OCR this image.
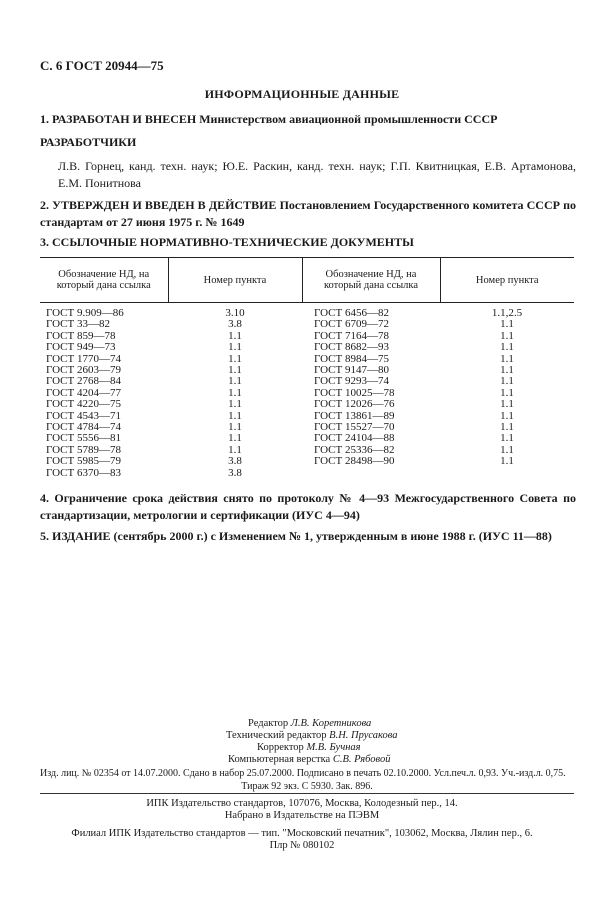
С. 6 ГОСТ 20944—75
ИНФОРМАЦИОННЫЕ ДАННЫЕ
1. РАЗРАБОТАН И ВНЕСЕН Министерством авиационной промышленности СССР
РАЗРАБОТЧИКИ
Л.В. Горнец, канд. техн. наук; Ю.Е. Раскин, канд. техн. наук; Г.П. Квитницкая, Е.В. Артамонова, Е.М. Понитнова
2. УТВЕРЖДЕН И ВВЕДЕН В ДЕЙСТВИЕ Постановлением Государственного комитета СССР по стандартам от 27 июня 1975 г. № 1649
3. ССЫЛОЧНЫЕ НОРМАТИВНО-ТЕХНИЧЕСКИЕ ДОКУМЕНТЫ
Обозначение НД, на который дана ссылка	Номер пункта	Обозначение НД, на который дана ссылка	Номер пункта
ГОСТ 9.909—86	3.10	ГОСТ 6456—82	1.1,2.5
ГОСТ 33—82	3.8	ГОСТ 6709—72	1.1
ГОСТ 859—78	1.1	ГОСТ 7164—78	1.1
ГОСТ 949—73	1.1	ГОСТ 8682—93	1.1
ГОСТ 1770—74	1.1	ГОСТ 8984—75	1.1
ГОСТ 2603—79	1.1	ГОСТ 9147—80	1.1
ГОСТ 2768—84	1.1	ГОСТ 9293—74	1.1
ГОСТ 4204—77	1.1	ГОСТ 10025—78	1.1
ГОСТ 4220—75	1.1	ГОСТ 12026—76	1.1
ГОСТ 4543—71	1.1	ГОСТ 13861—89	1.1
ГОСТ 4784—74	1.1	ГОСТ 15527—70	1.1
ГОСТ 5556—81	1.1	ГОСТ 24104—88	1.1
ГОСТ 5789—78	1.1	ГОСТ 25336—82	1.1
ГОСТ 5985—79	3.8	ГОСТ 28498—90	1.1
ГОСТ 6370—83	3.8		
4. Ограничение срока действия снято по протоколу № 4—93 Межгосударственного Совета по стандартизации, метрологии и сертификации (ИУС 4—94)
5. ИЗДАНИЕ (сентябрь 2000 г.) с Изменением № 1, утвержденным в июне 1988 г. (ИУС 11—88)
Редактор Л.В. Коретникова
Технический редактор В.Н. Прусакова
Корректор М.В. Бучная
Компьютерная верстка С.В. Рябовой
Изд. лиц. № 02354 от 14.07.2000. Сдано в набор 25.07.2000. Подписано в печать 02.10.2000. Усл.печ.л. 0,93. Уч.-изд.л. 0,75.
Тираж 92 экз. С 5930. Зак. 896.
ИПК Издательство стандартов, 107076, Москва, Колодезный пер., 14.
Набрано в Издательстве на ПЭВМ
Филиал ИПК Издательство стандартов — тип. "Московский печатник", 103062, Москва, Лялин пер., 6.
Плр № 080102
